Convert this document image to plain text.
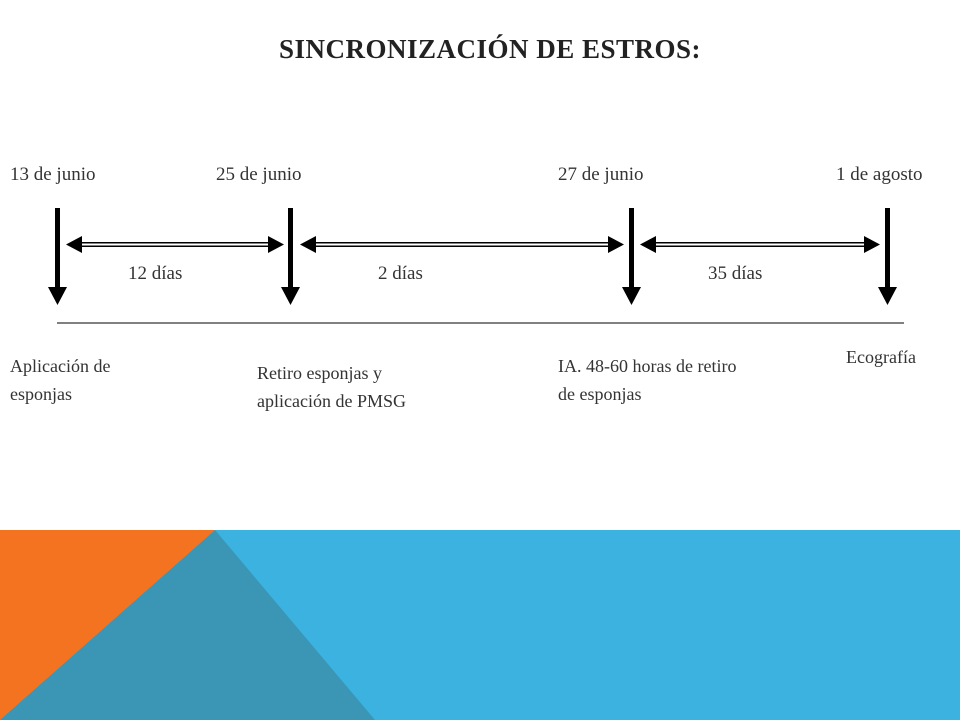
SINCRONIZACIÓN DE ESTROS:
13 de junio	25 de junio	27 de junio	1 de agosto
12 días	2 días	35 días
Aplicación de esponjas
Retiro esponjas y aplicación de PMSG
IA. 48-60 horas de retiro de esponjas
Ecografía
